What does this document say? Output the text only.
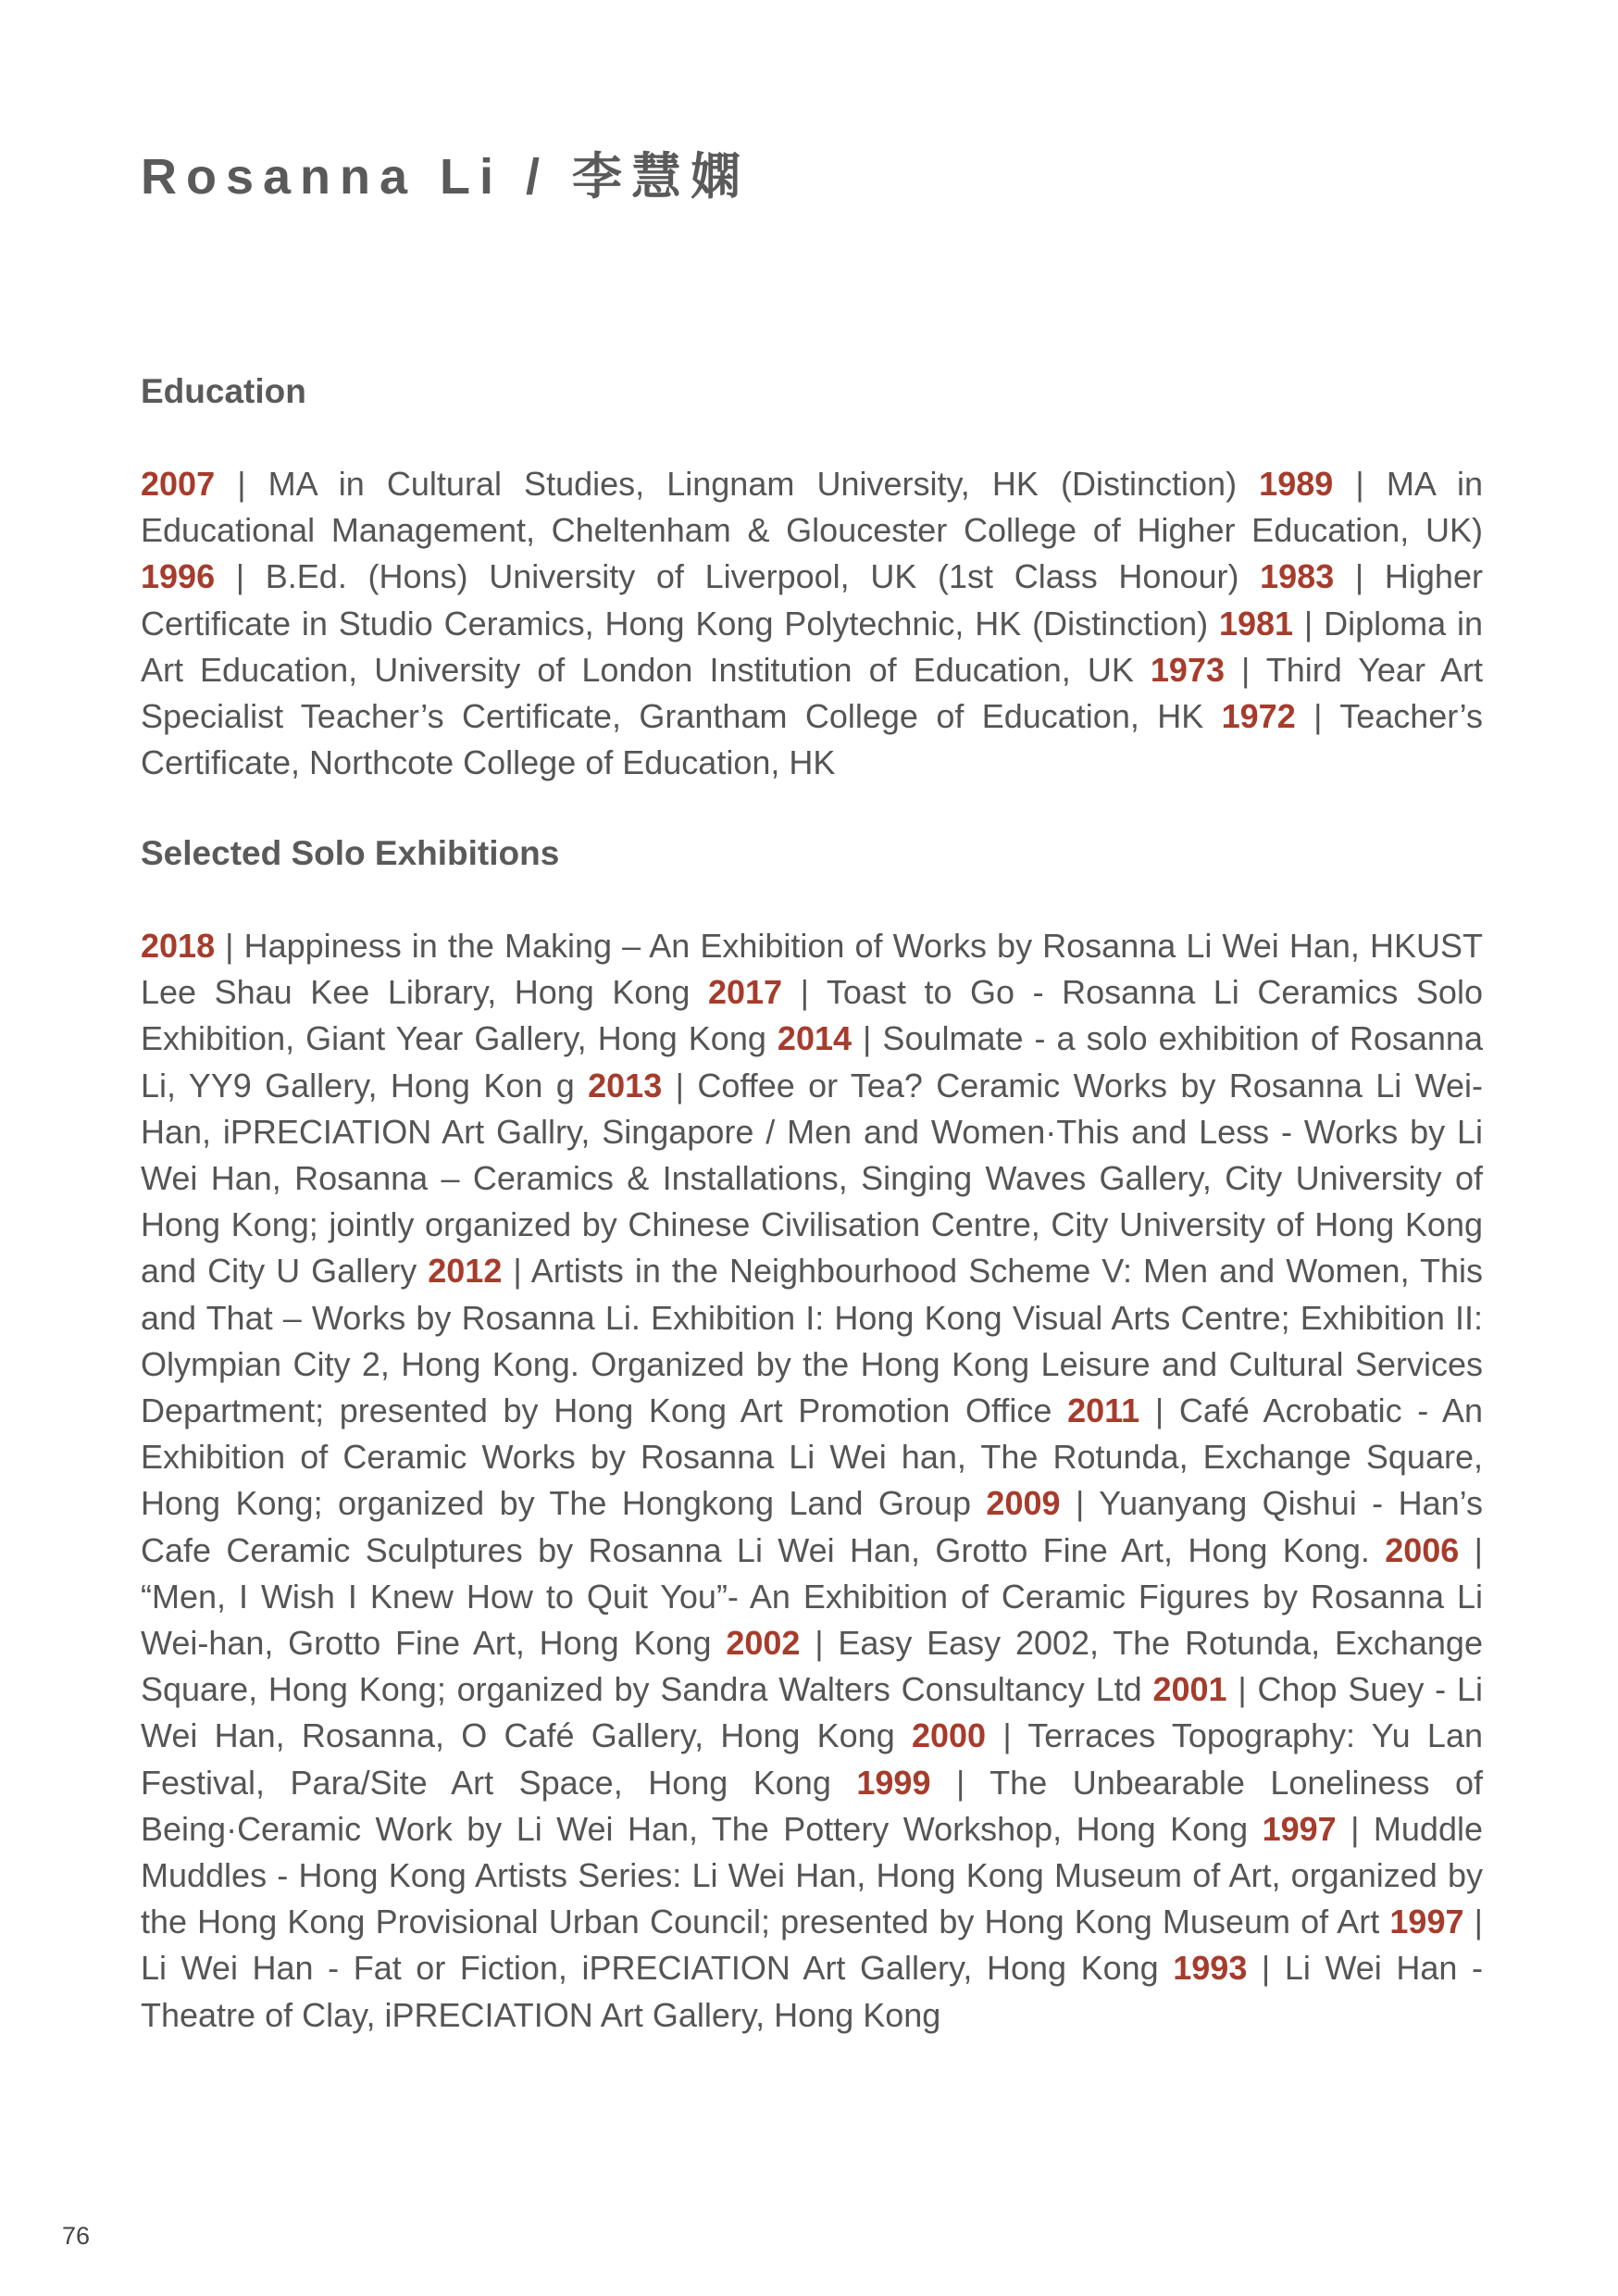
Rosanna Li / 李慧嫻
Education

2007 | MA in Cultural Studies, Lingnam University, HK (Distinction) 1989 | MA in Educational Management, Cheltenham & Gloucester College of Higher Education, UK) 1996 | B.Ed. (Hons) University of Liverpool, UK (1st Class Honour) 1983 | Higher Certificate in Studio Ceramics, Hong Kong Polytechnic, HK (Distinction) 1981 | Diploma in Art Education, University of London Institution of Education, UK 1973 | Third Year Art Specialist Teacher’s Certificate, Grantham College of Education, HK 1972 | Teacher’s Certificate, Northcote College of Education, HK

Selected Solo Exhibitions

2018 | Happiness in the Making – An Exhibition of Works by Rosanna Li Wei Han, HKUST Lee Shau Kee Library, Hong Kong 2017 | Toast to Go - Rosanna Li Ceramics Solo Exhibition, Giant Year Gallery, Hong Kong 2014 | Soulmate - a solo exhibition of Rosanna Li, YY9 Gallery, Hong Kon g 2013 | Coffee or Tea? Ceramic Works by Rosanna Li Wei-Han, iPRECIATION Art Gallry, Singapore / Men and Women·This and Less - Works by Li Wei Han, Rosanna – Ceramics & Installations, Singing Waves Gallery, City University of Hong Kong; jointly organized by Chinese Civilisation Centre, City University of Hong Kong and City U Gallery 2012 | Artists in the Neighbourhood Scheme V: Men and Women, This and That – Works by Rosanna Li. Exhibition I: Hong Kong Visual Arts Centre; Exhibition II: Olympian City 2, Hong Kong. Organized by the Hong Kong Leisure and Cultural Services Department; presented by Hong Kong Art Promotion Office 2011 | Café Acrobatic - An Exhibition of Ceramic Works by Rosanna Li Wei han, The Rotunda, Exchange Square, Hong Kong; organized by The Hongkong Land Group 2009 | Yuanyang Qishui - Han’s Cafe Ceramic Sculptures by Rosanna Li Wei Han, Grotto Fine Art, Hong Kong. 2006 | “Men, I Wish I Knew How to Quit You”- An Exhibition of Ceramic Figures by Rosanna Li Wei-han, Grotto Fine Art, Hong Kong 2002 | Easy Easy 2002, The Rotunda, Exchange Square, Hong Kong; organized by Sandra Walters Consultancy Ltd 2001 | Chop Suey - Li Wei Han, Rosanna, O Café Gallery, Hong Kong 2000 | Terraces Topography: Yu Lan Festival, Para/Site Art Space, Hong Kong 1999 | The Unbearable Loneliness of Being·Ceramic Work by Li Wei Han, The Pottery Workshop, Hong Kong 1997 | Muddle Muddles - Hong Kong Artists Series: Li Wei Han, Hong Kong Museum of Art, organized by the Hong Kong Provisional Urban Council; presented by Hong Kong Museum of Art 1997 | Li Wei Han - Fat or Fiction, iPRECIATION Art Gallery, Hong Kong 1993 | Li Wei Han - Theatre of Clay, iPRECIATION Art Gallery, Hong Kong

76
